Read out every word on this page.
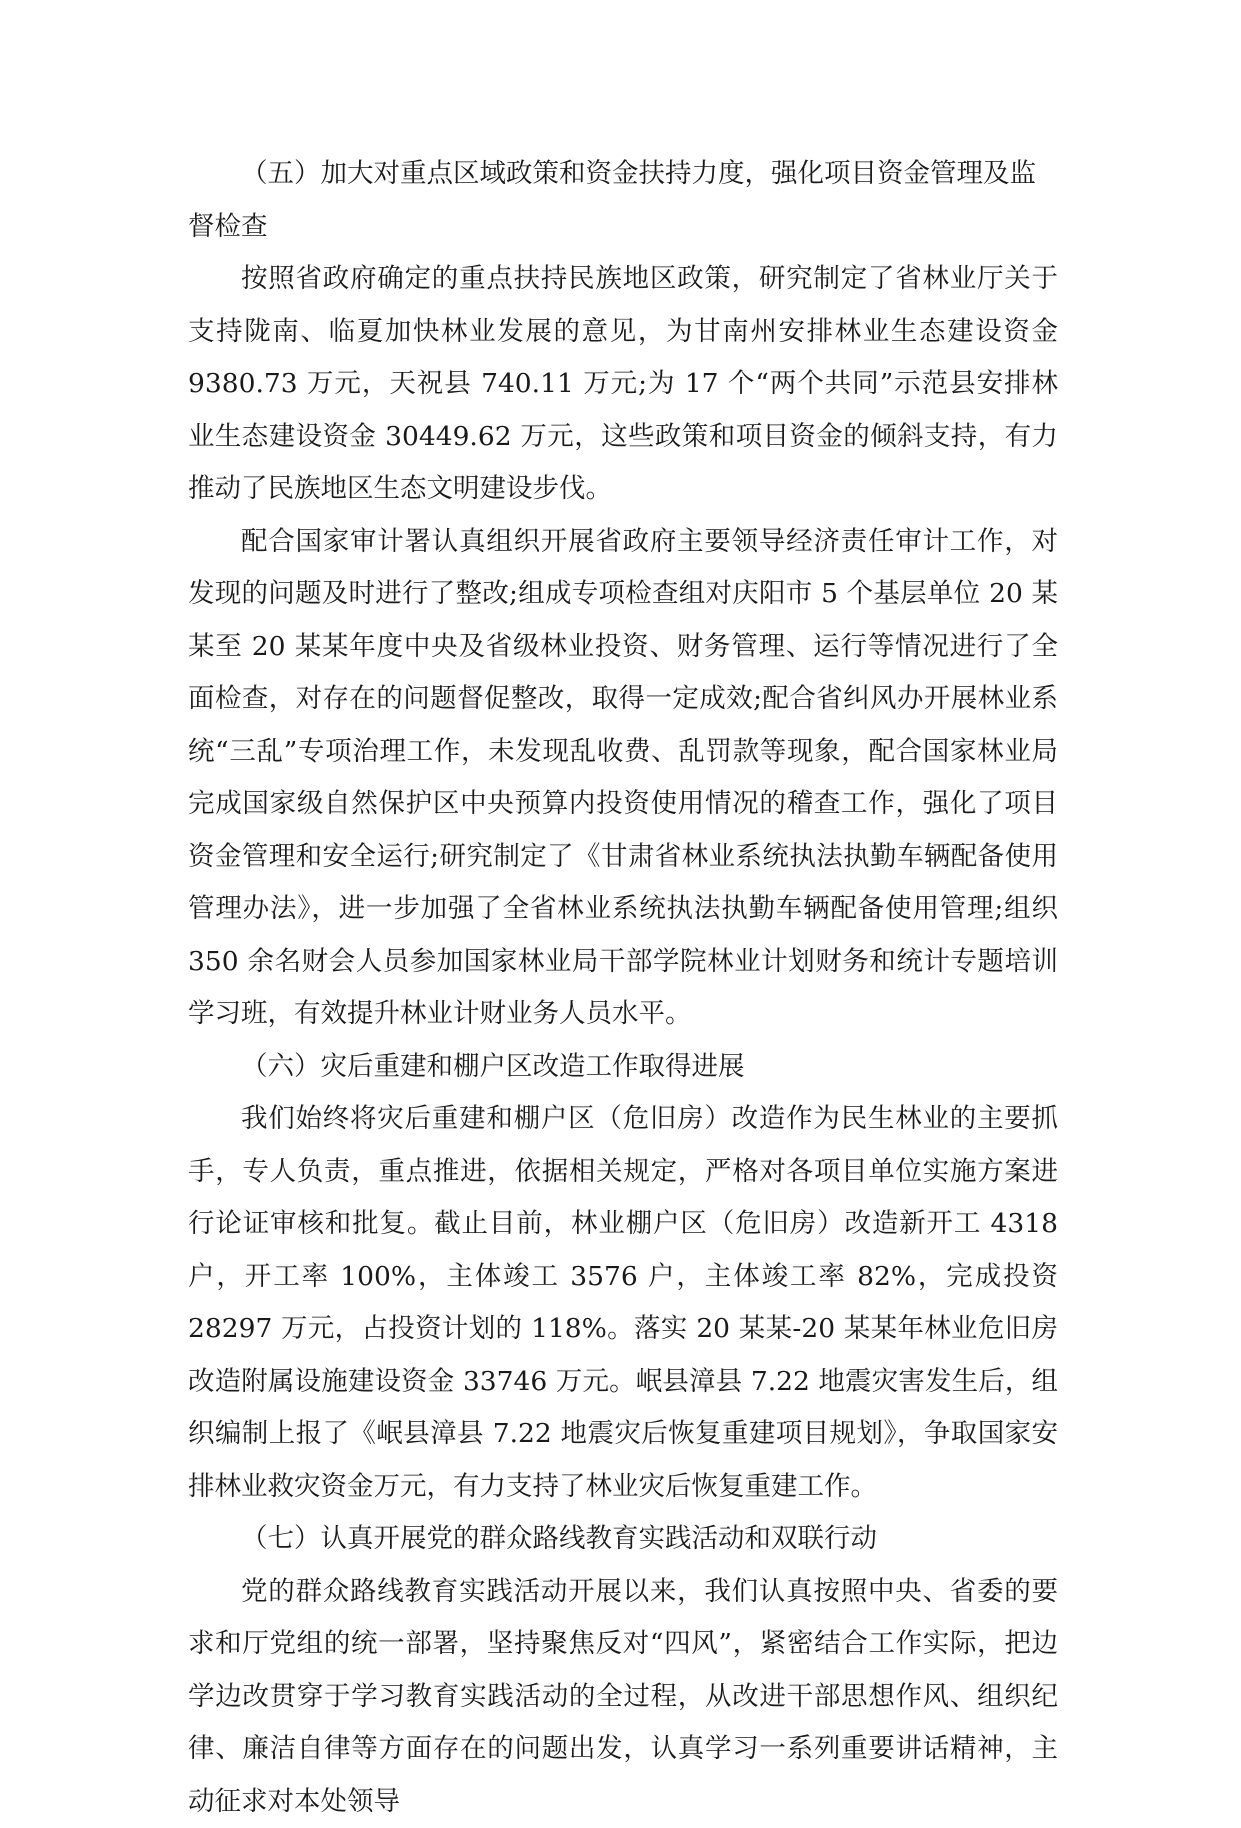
（五）加大对重点区域政策和资金扶持力度，强化项目资金管理及监督检查

按照省政府确定的重点扶持民族地区政策，研究制定了省林业厅关于支持陇南、临夏加快林业发展的意见，为甘南州安排林业生态建设资金 9380.73 万元，天祝县 740.11 万元;为 17 个“两个共同”示范县安排林业生态建设资金 30449.62 万元，这些政策和项目资金的倾斜支持，有力推动了民族地区生态文明建设步伐。

配合国家审计署认真组织开展省政府主要领导经济责任审计工作，对发现的问题及时进行了整改;组成专项检查组对庆阳市 5 个基层单位 20 某某至 20 某某年度中央及省级林业投资、财务管理、运行等情况进行了全面检查，对存在的问题督促整改，取得一定成效;配合省纠风办开展林业系统“三乱”专项治理工作，未发现乱收费、乱罚款等现象，配合国家林业局完成国家级自然保护区中央预算内投资使用情况的稽查工作，强化了项目资金管理和安全运行;研究制定了《甘肃省林业系统执法执勤车辆配备使用管理办法》，进一步加强了全省林业系统执法执勤车辆配备使用管理;组织 350 余名财会人员参加国家林业局干部学院林业计划财务和统计专题培训学习班，有效提升林业计财业务人员水平。

（六）灾后重建和棚户区改造工作取得进展

我们始终将灾后重建和棚户区（危旧房）改造作为民生林业的主要抓手，专人负责，重点推进，依据相关规定，严格对各项目单位实施方案进行论证审核和批复。截止目前，林业棚户区（危旧房）改造新开工 4318 户，开工率 100%，主体竣工 3576 户，主体竣工率 82%，完成投资 28297 万元，占投资计划的 118%。落实 20 某某-20 某某年林业危旧房改造附属设施建设资金 33746 万元。岷县漳县 7.22 地震灾害发生后，组织编制上报了《岷县漳县 7.22 地震灾后恢复重建项目规划》，争取国家安排林业救灾资金万元，有力支持了林业灾后恢复重建工作。

（七）认真开展党的群众路线教育实践活动和双联行动

党的群众路线教育实践活动开展以来，我们认真按照中央、省委的要求和厅党组的统一部署，坚持聚焦反对“四风”，紧密结合工作实际，把边学边改贯穿于学习教育实践活动的全过程，从改进干部思想作风、组织纪律、廉洁自律等方面存在的问题出发，认真学习一系列重要讲话精神，主动征求对本处领导
